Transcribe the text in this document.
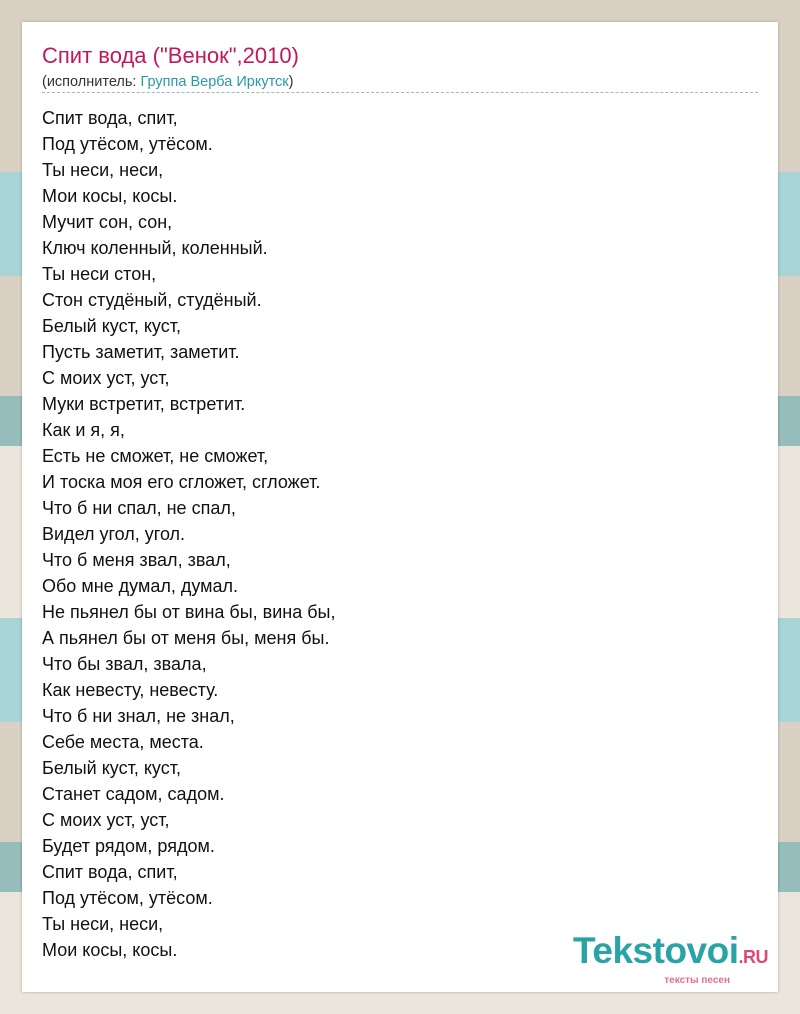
Спит вода ("Венок",2010)
(исполнитель: Группа Верба Иркутск)
Спит вода, спит,
Под утёсом, утёсом.
Ты неси, неси,
Мои косы, косы.
Мучит сон, сон,
Ключ коленный, коленный.
Ты неси стон,
Стон студёный, студёный.
Белый куст, куст,
Пусть заметит, заметит.
С моих уст, уст,
Муки встретит, встретит.
Как и я, я,
Есть не сможет, не сможет,
И тоска моя его сгложет, сгложет.
Что б ни спал, не спал,
Видел угол, угол.
Что б меня звал, звал,
Обо мне думал, думал.
Не пьянел бы от вина бы, вина бы,
А пьянел бы от меня бы, меня бы.
Что бы звал, звала,
Как невесту, невесту.
Что б ни знал, не знал,
Себе места, места.
Белый куст, куст,
Станет садом, садом.
С моих уст, уст,
Будет рядом, рядом.
Спит вода, спит,
Под утёсом, утёсом.
Ты неси, неси,
Мои косы, косы.	Tekstovoi.RU
тексты песен
